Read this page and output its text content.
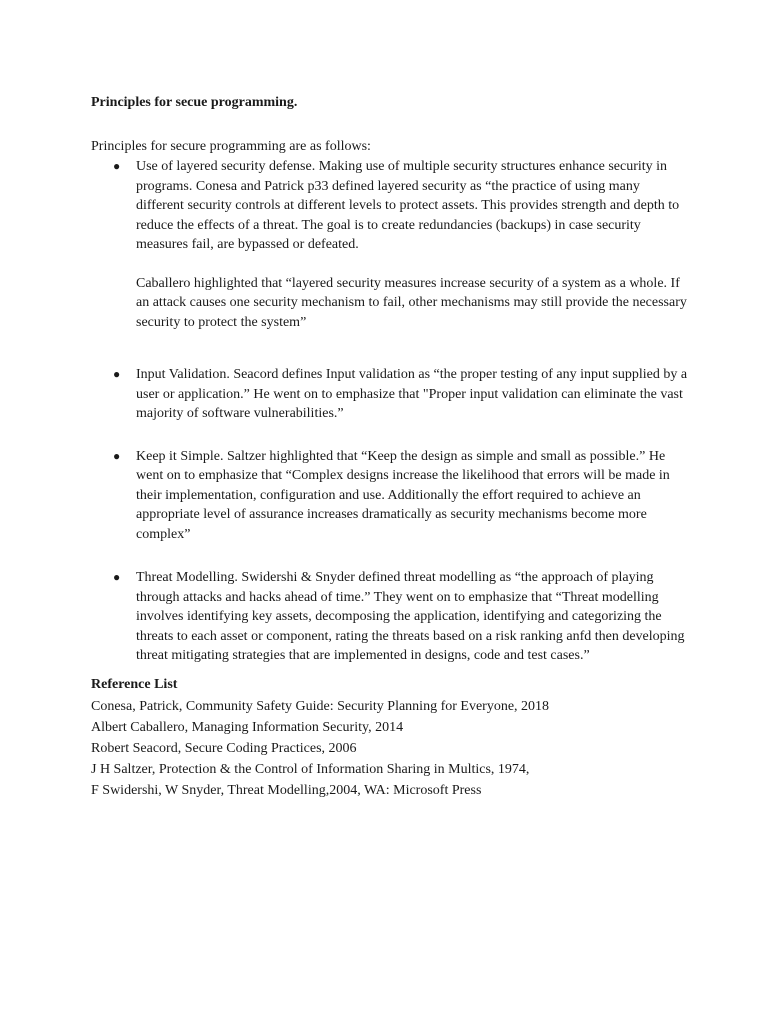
Principles for secue programming.

Principles for secure programming are as follows:

● Use of layered security defense. Making use of multiple security structures enhance security in programs. Conesa and Patrick p33 defined layered security as “the practice of using many different security controls at different levels to protect assets. This provides strength and depth to reduce the effects of a threat. The goal is to create redundancies (backups) in case security measures fail, are bypassed or defeated.

Caballero highlighted that “layered security measures increase security of a system as a whole. If an attack causes one security mechanism to fail, other mechanisms may still provide the necessary security to protect the system”

● Input Validation. Seacord defines Input validation as “the proper testing of any input supplied by a user or application.” He went on to emphasize that "Proper input validation can eliminate the vast majority of software vulnerabilities.”

● Keep it Simple. Saltzer highlighted that “Keep the design as simple and small as possible.” He went on to emphasize that “Complex designs increase the likelihood that errors will be made in their implementation, configuration and use. Additionally the effort required to achieve an appropriate level of assurance increases dramatically as security mechanisms become more complex”

● Threat Modelling. Swidershi & Snyder defined threat modelling as “the approach of playing through attacks and hacks ahead of time.” They went on to emphasize that “Threat modelling involves identifying key assets, decomposing the application, identifying and categorizing the threats to each asset or component, rating the threats based on a risk ranking anfd then developing threat mitigating strategies that are implemented in designs, code and test cases.”

Reference List
Conesa, Patrick, Community Safety Guide: Security Planning for Everyone, 2018
Albert Caballero, Managing Information Security, 2014
Robert Seacord, Secure Coding Practices, 2006
J H Saltzer, Protection & the Control of Information Sharing in Multics, 1974,
F Swidershi, W Snyder, Threat Modelling,2004, WA: Microsoft Press
